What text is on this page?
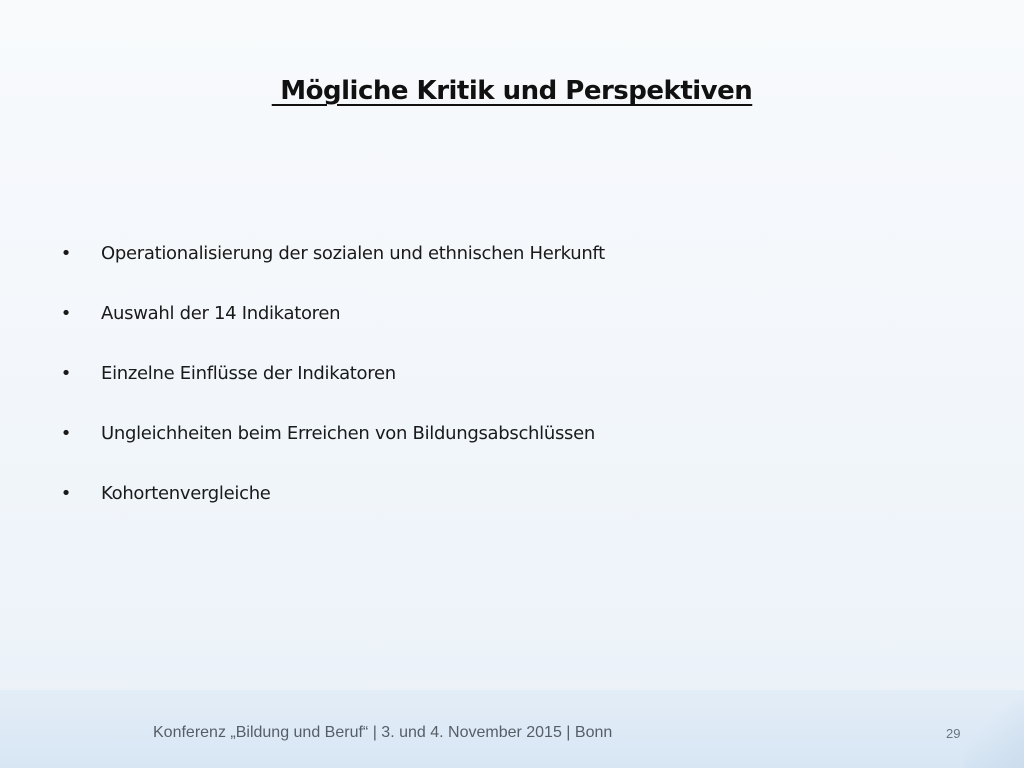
Mögliche Kritik und Perspektiven
• Operationalisierung der sozialen und ethnischen Herkunft
• Auswahl der 14 Indikatoren
• Einzelne Einflüsse der Indikatoren
• Ungleichheiten beim Erreichen von Bildungsabschlüssen
• Kohortenvergleiche
Konferenz „Bildung und Beruf“ | 3. und 4. November 2015 | Bonn	29
